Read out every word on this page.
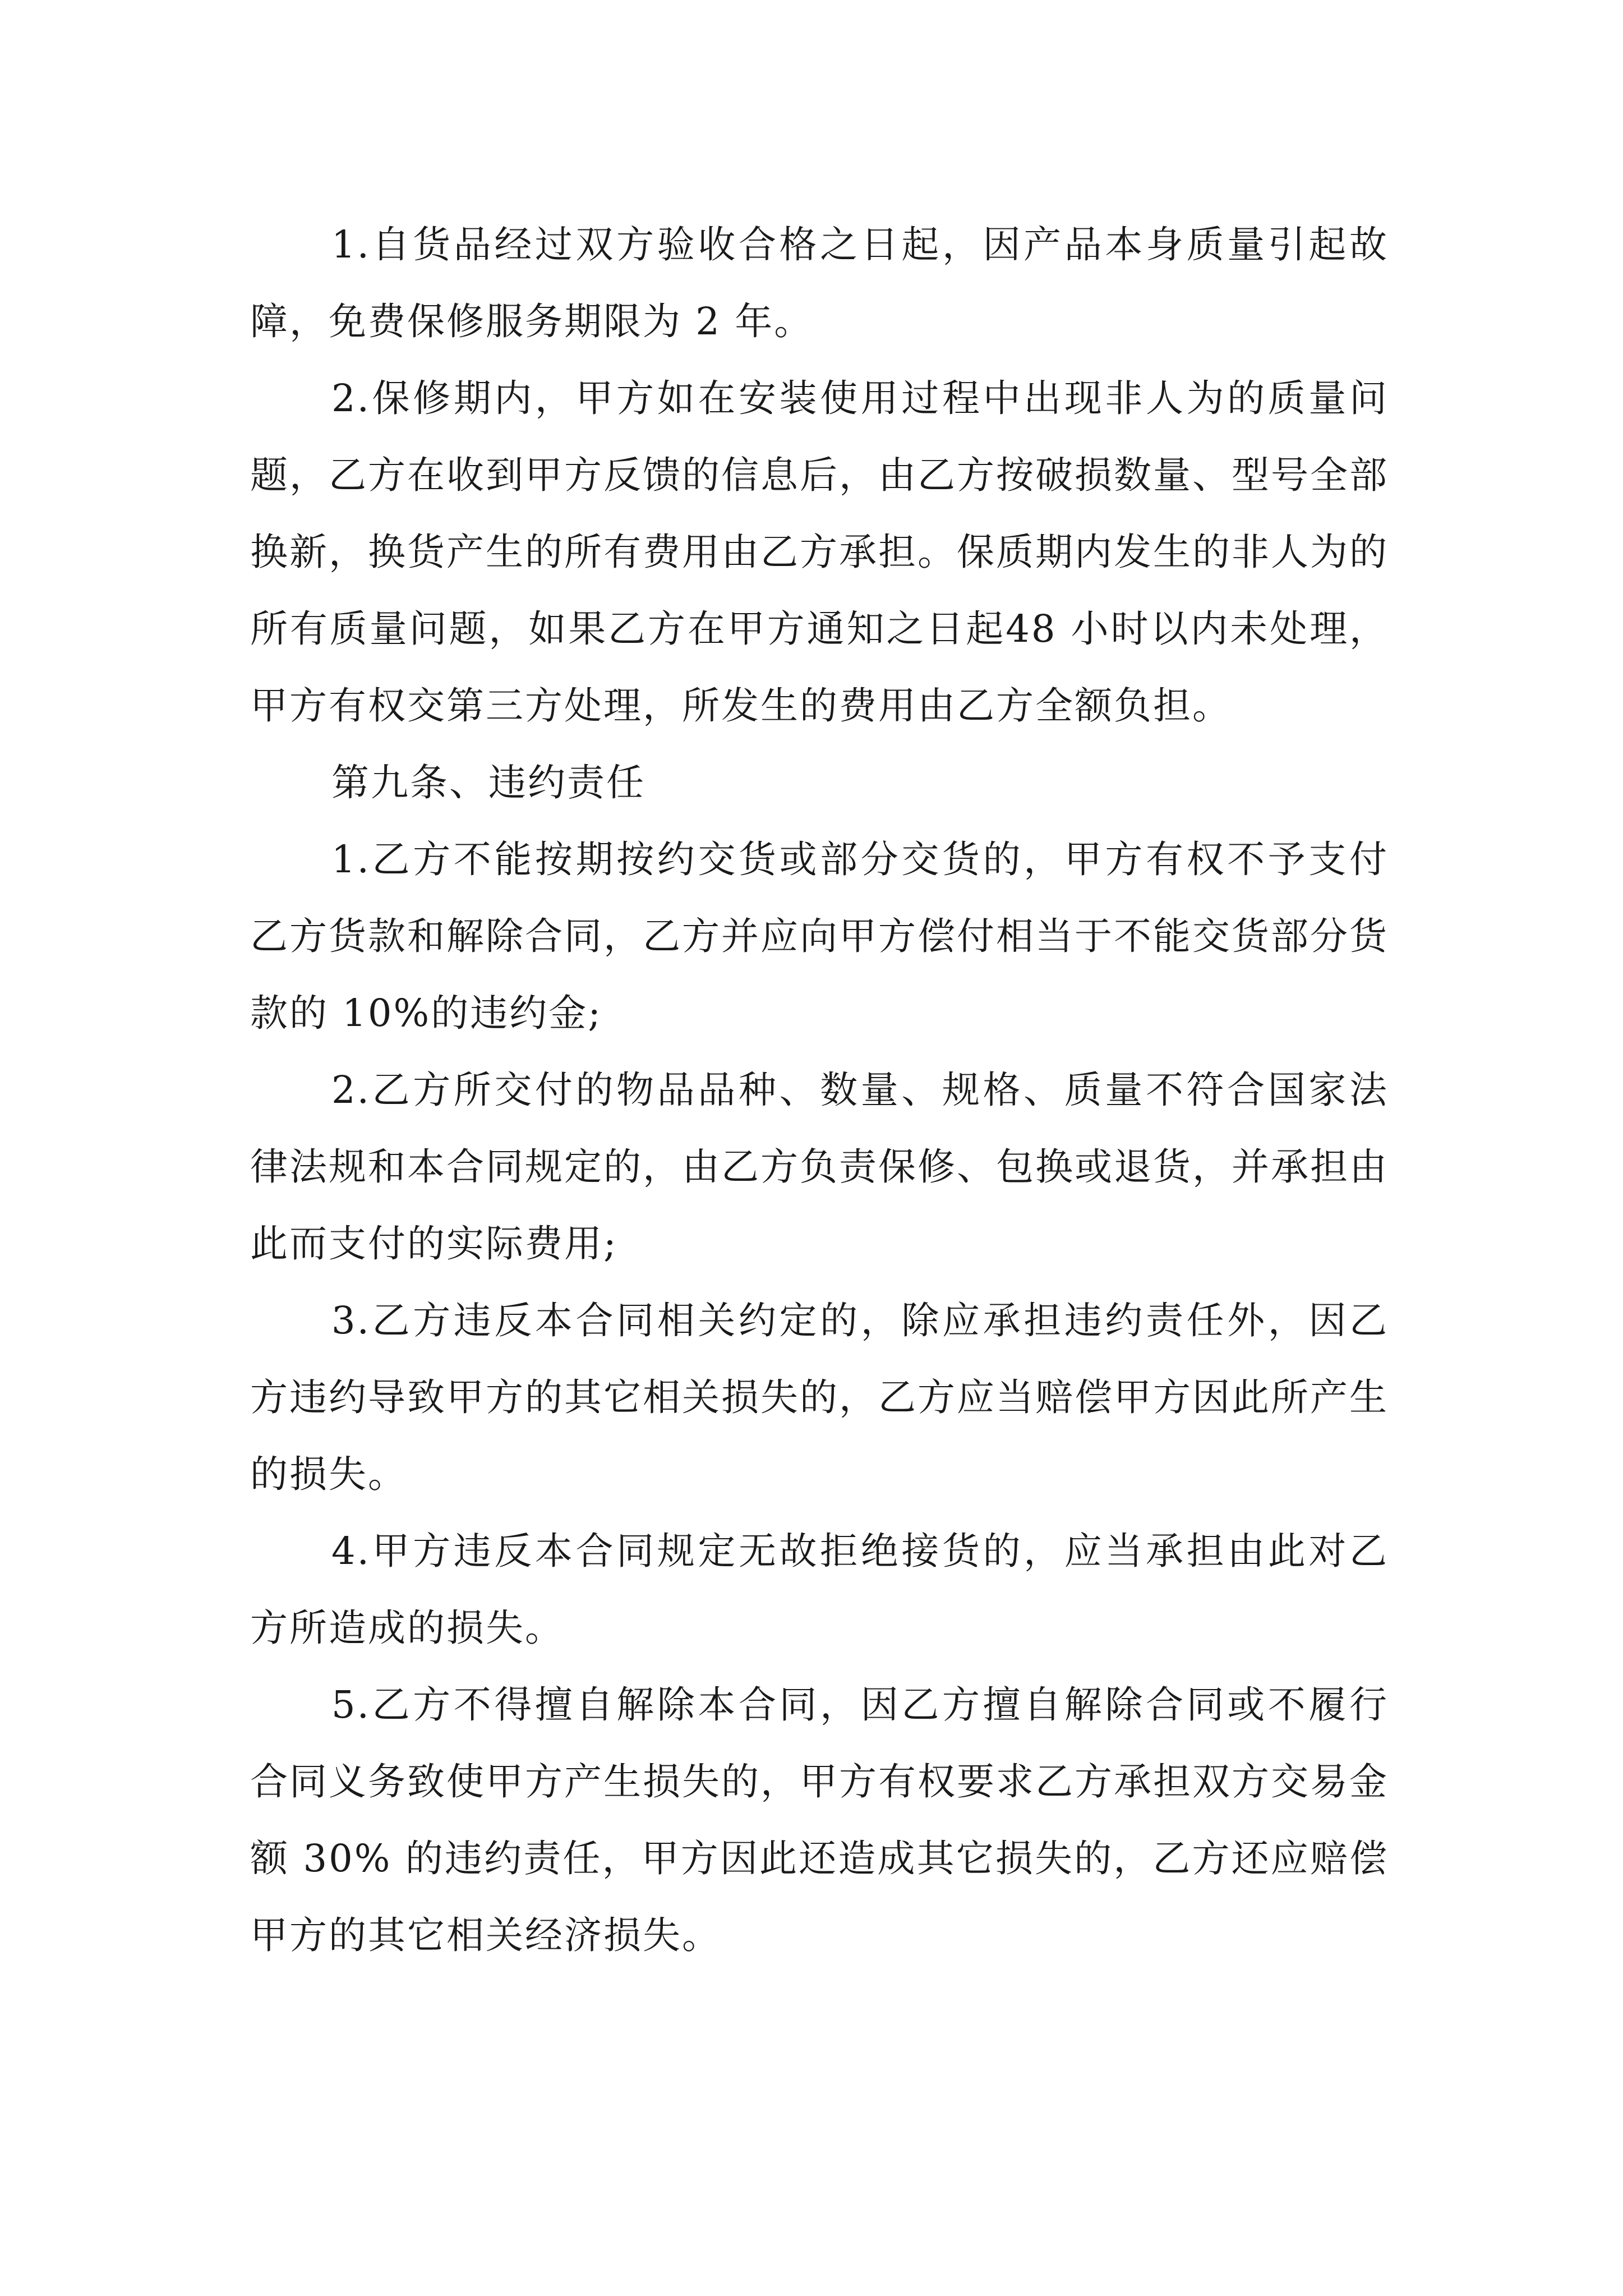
1.自货品经过双方验收合格之日起，因产品本身质量引起故障，免费保修服务期限为 2 年。

2.保修期内，甲方如在安装使用过程中出现非人为的质量问题，乙方在收到甲方反馈的信息后，由乙方按破损数量、型号全部换新，换货产生的所有费用由乙方承担。保质期内发生的非人为的所有质量问题，如果乙方在甲方通知之日起48 小时以内未处理，甲方有权交第三方处理，所发生的费用由乙方全额负担。

第九条、违约责任

1.乙方不能按期按约交货或部分交货的，甲方有权不予支付乙方货款和解除合同，乙方并应向甲方偿付相当于不能交货部分货款的 10%的违约金;

2.乙方所交付的物品品种、数量、规格、质量不符合国家法律法规和本合同规定的，由乙方负责保修、包换或退货，并承担由此而支付的实际费用;

3.乙方违反本合同相关约定的，除应承担违约责任外，因乙方违约导致甲方的其它相关损失的，乙方应当赔偿甲方因此所产生的损失。

4.甲方违反本合同规定无故拒绝接货的，应当承担由此对乙方所造成的损失。

5.乙方不得擅自解除本合同，因乙方擅自解除合同或不履行合同义务致使甲方产生损失的，甲方有权要求乙方承担双方交易金额 30% 的违约责任，甲方因此还造成其它损失的，乙方还应赔偿甲方的其它相关经济损失。
